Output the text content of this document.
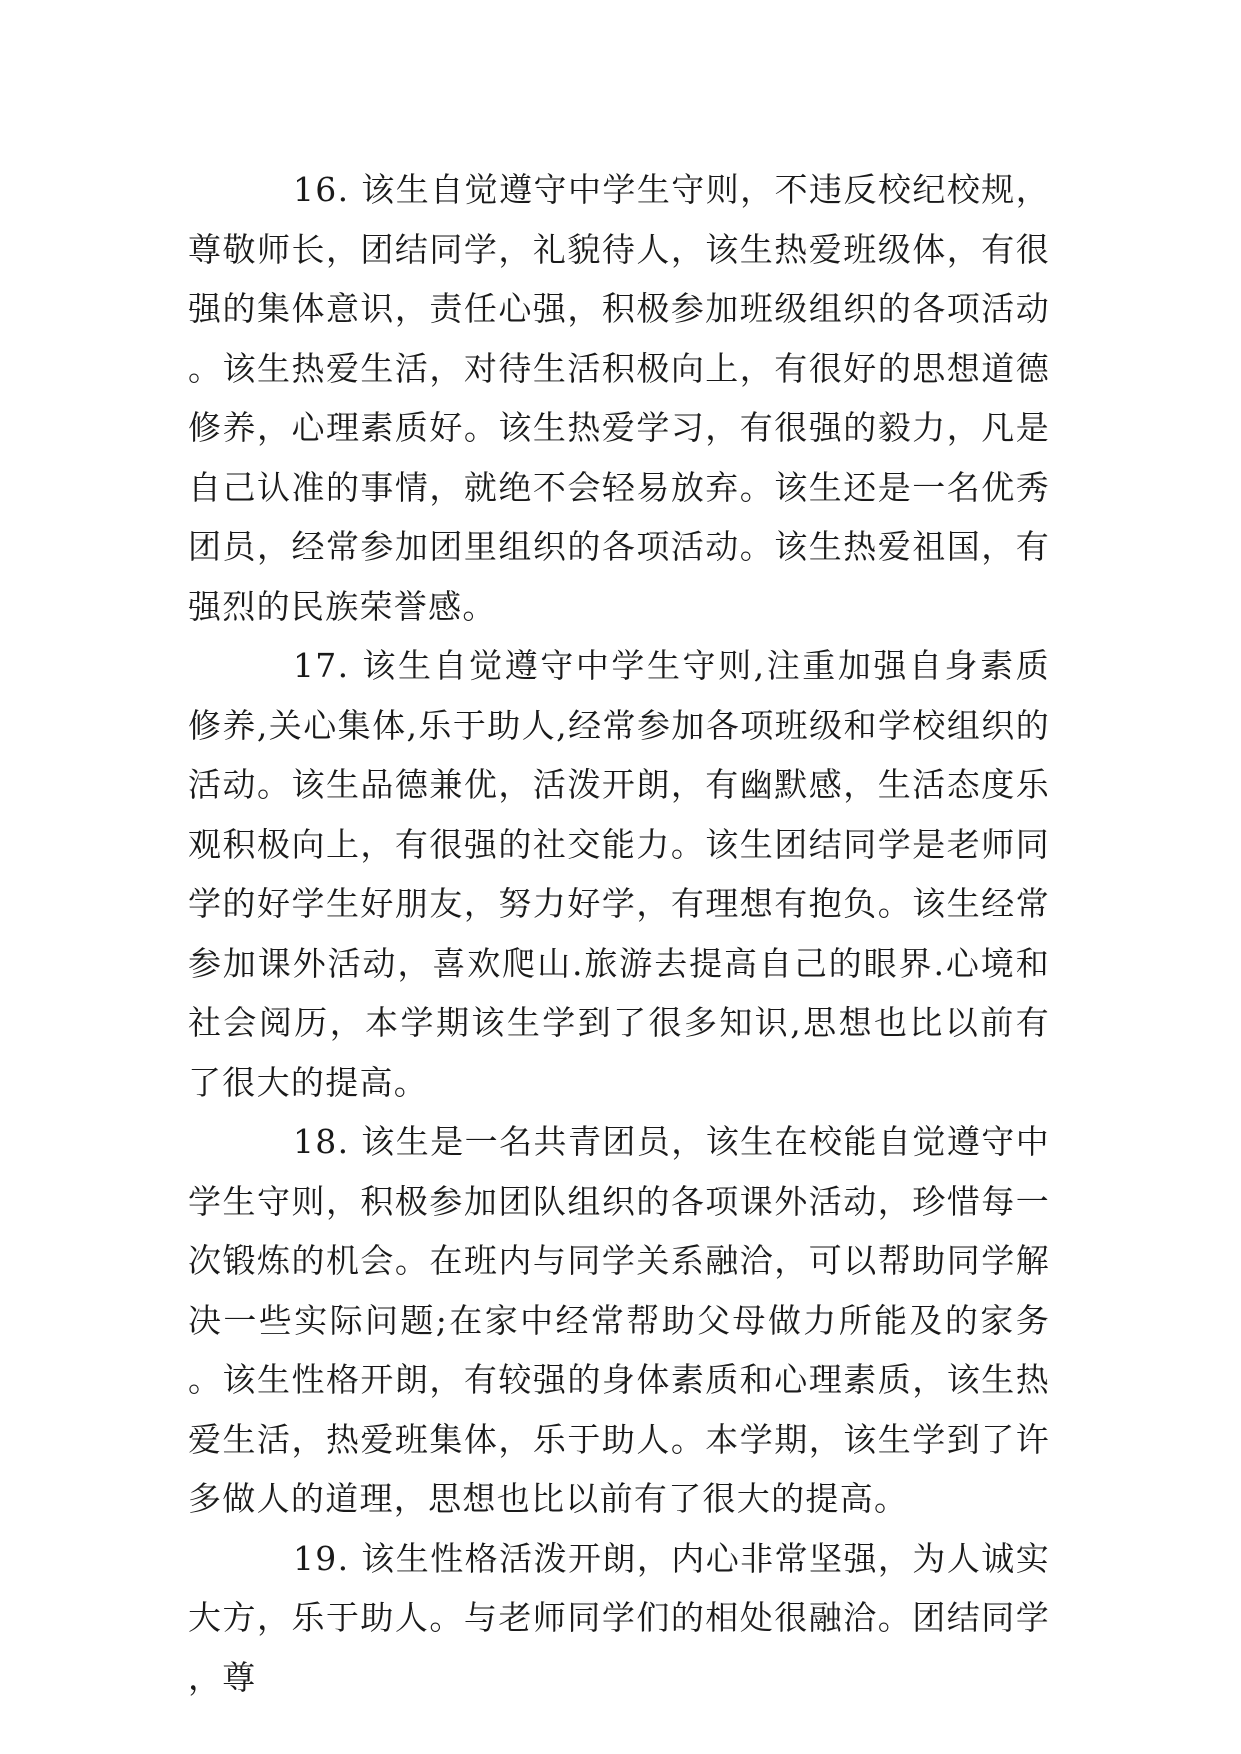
16. 该生自觉遵守中学生守则，不违反校纪校规，尊敬师长，团结同学，礼貌待人，该生热爱班级体，有很强的集体意识，责任心强，积极参加班级组织的各项活动。该生热爱生活，对待生活积极向上，有很好的思想道德修养，心理素质好。该生热爱学习，有很强的毅力，凡是自己认准的事情，就绝不会轻易放弃。该生还是一名优秀团员，经常参加团里组织的各项活动。该生热爱祖国，有强烈的民族荣誉感。

17. 该生自觉遵守中学生守则,注重加强自身素质修养,关心集体,乐于助人,经常参加各项班级和学校组织的活动。该生品德兼优，活泼开朗，有幽默感，生活态度乐观积极向上，有很强的社交能力。该生团结同学是老师同学的好学生好朋友，努力好学，有理想有抱负。该生经常参加课外活动，喜欢爬山.旅游去提高自己的眼界.心境和社会阅历，本学期该生学到了很多知识,思想也比以前有了很大的提高。

18. 该生是一名共青团员，该生在校能自觉遵守中学生守则，积极参加团队组织的各项课外活动，珍惜每一次锻炼的机会。在班内与同学关系融洽，可以帮助同学解决一些实际问题;在家中经常帮助父母做力所能及的家务。该生性格开朗，有较强的身体素质和心理素质，该生热爱生活，热爱班集体，乐于助人。本学期，该生学到了许多做人的道理，思想也比以前有了很大的提高。

19. 该生性格活泼开朗，内心非常坚强，为人诚实大方，乐于助人。与老师同学们的相处很融洽。团结同学，尊
